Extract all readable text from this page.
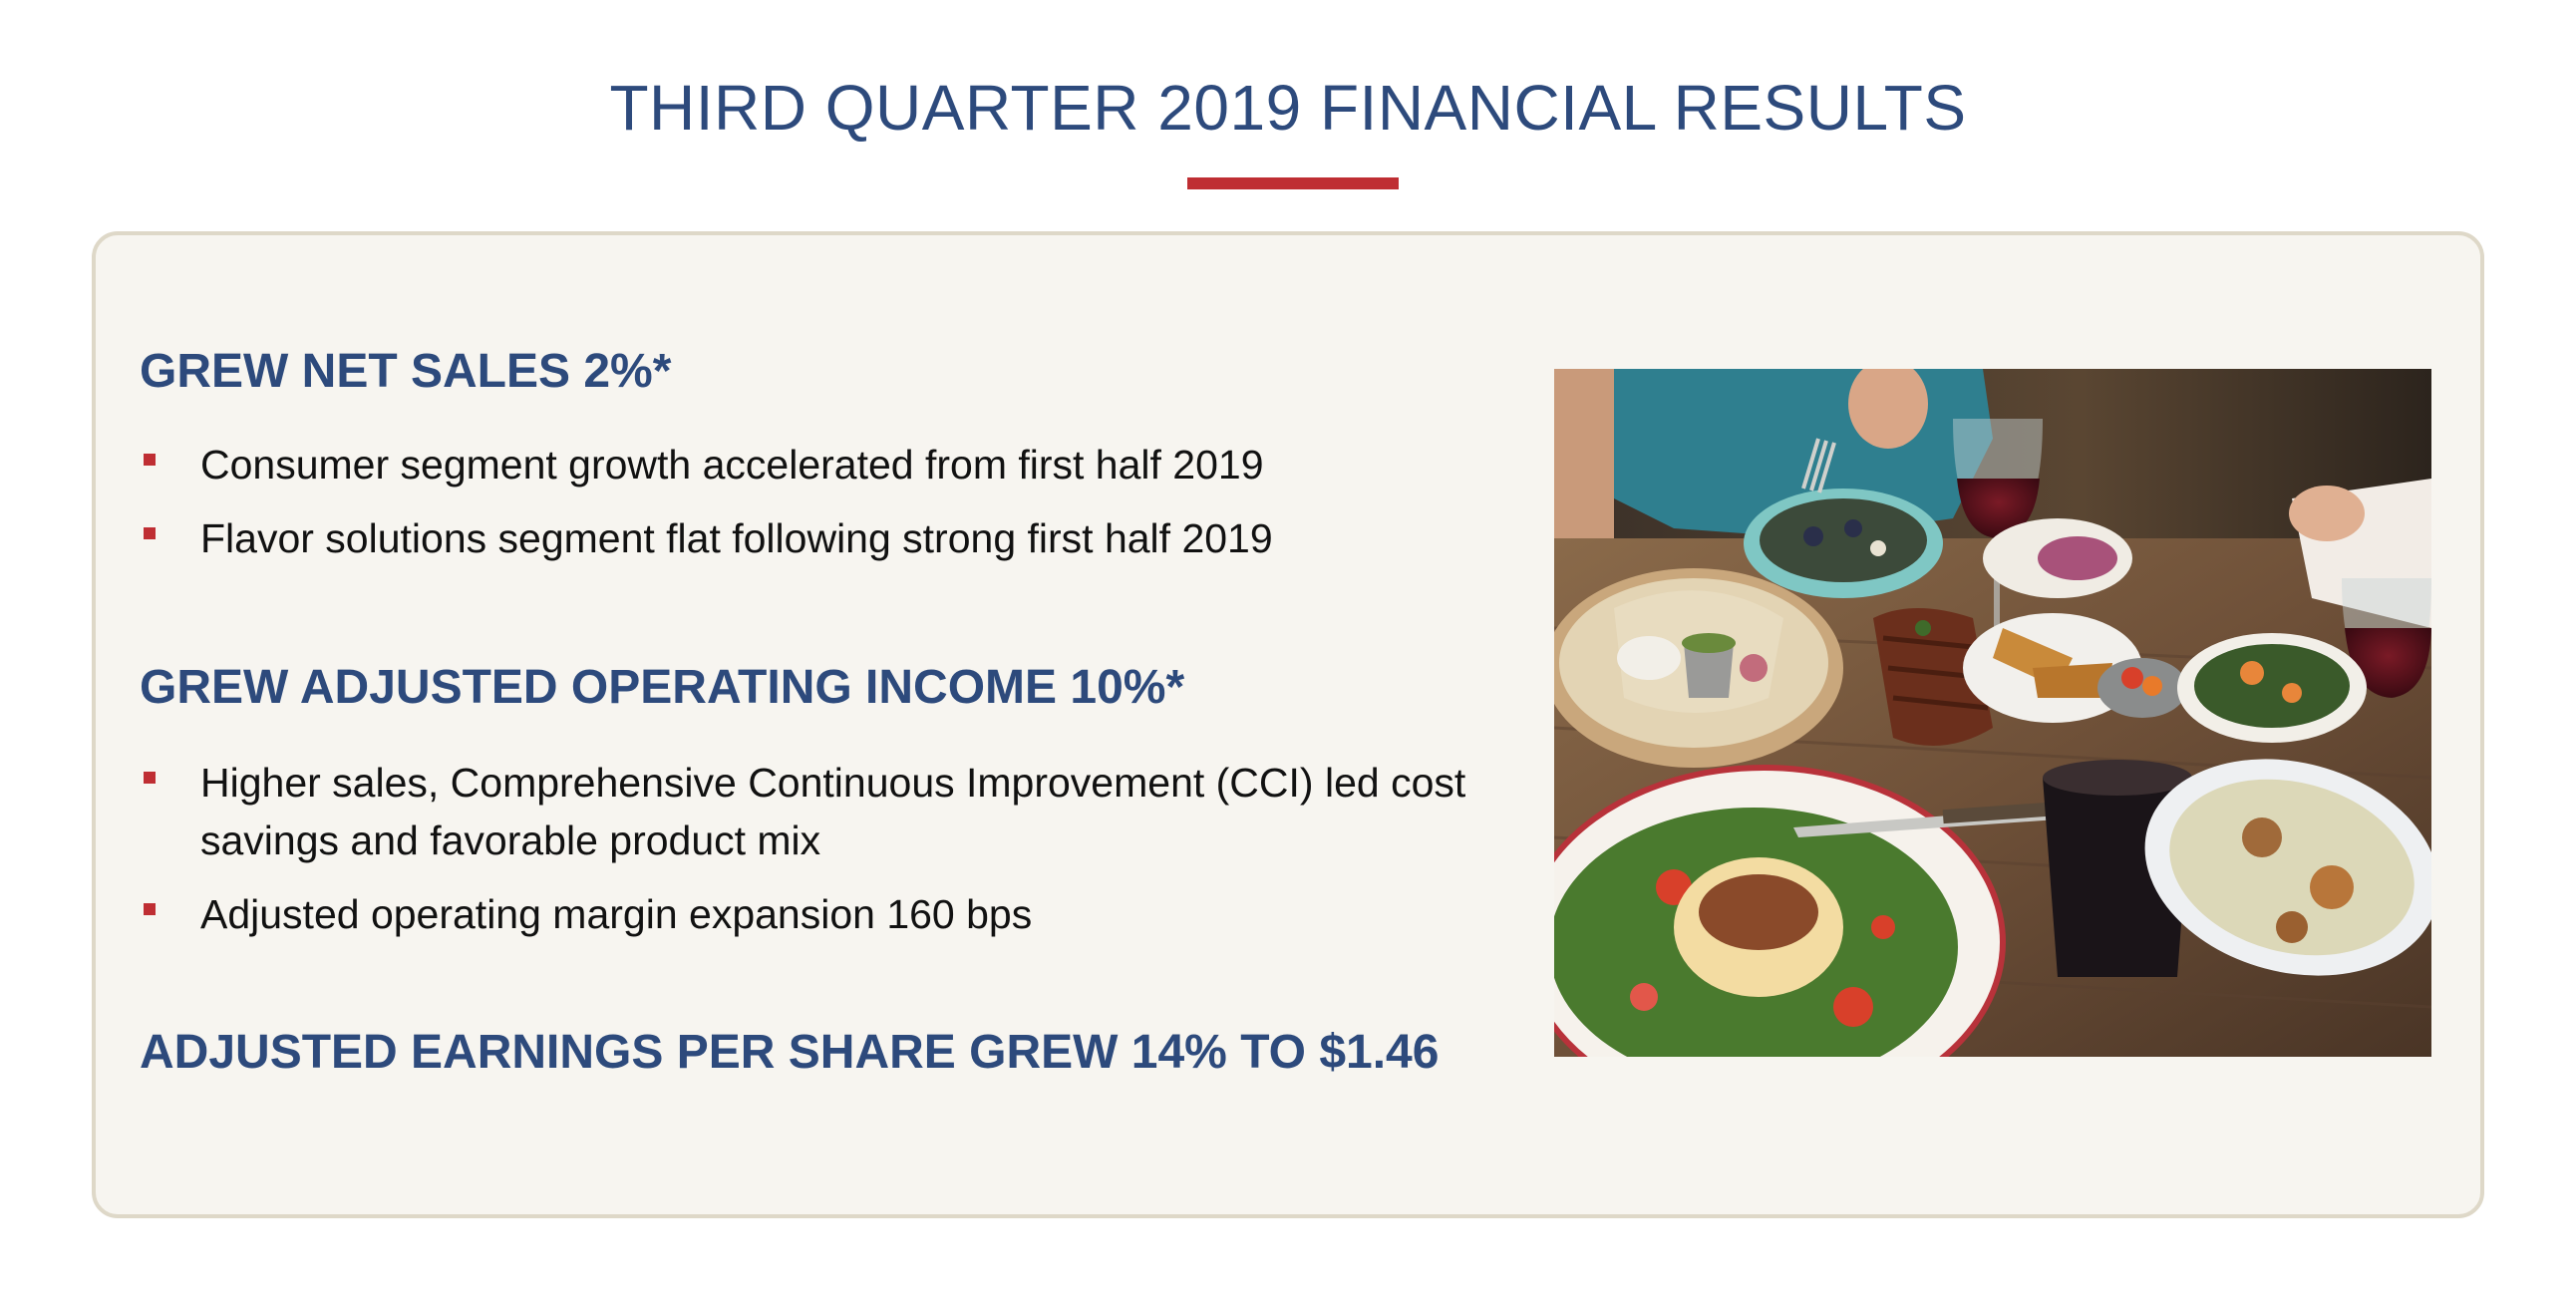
THIRD QUARTER 2019 FINANCIAL RESULTS
GREW NET SALES 2%*
Consumer segment growth accelerated from first half 2019
Flavor solutions segment flat following strong first half 2019
GREW ADJUSTED OPERATING INCOME 10%*
Higher sales, Comprehensive Continuous Improvement (CCI) led cost savings and favorable product mix
Adjusted operating margin expansion 160 bps
ADJUSTED EARNINGS PER SHARE GREW 14% TO $1.46
